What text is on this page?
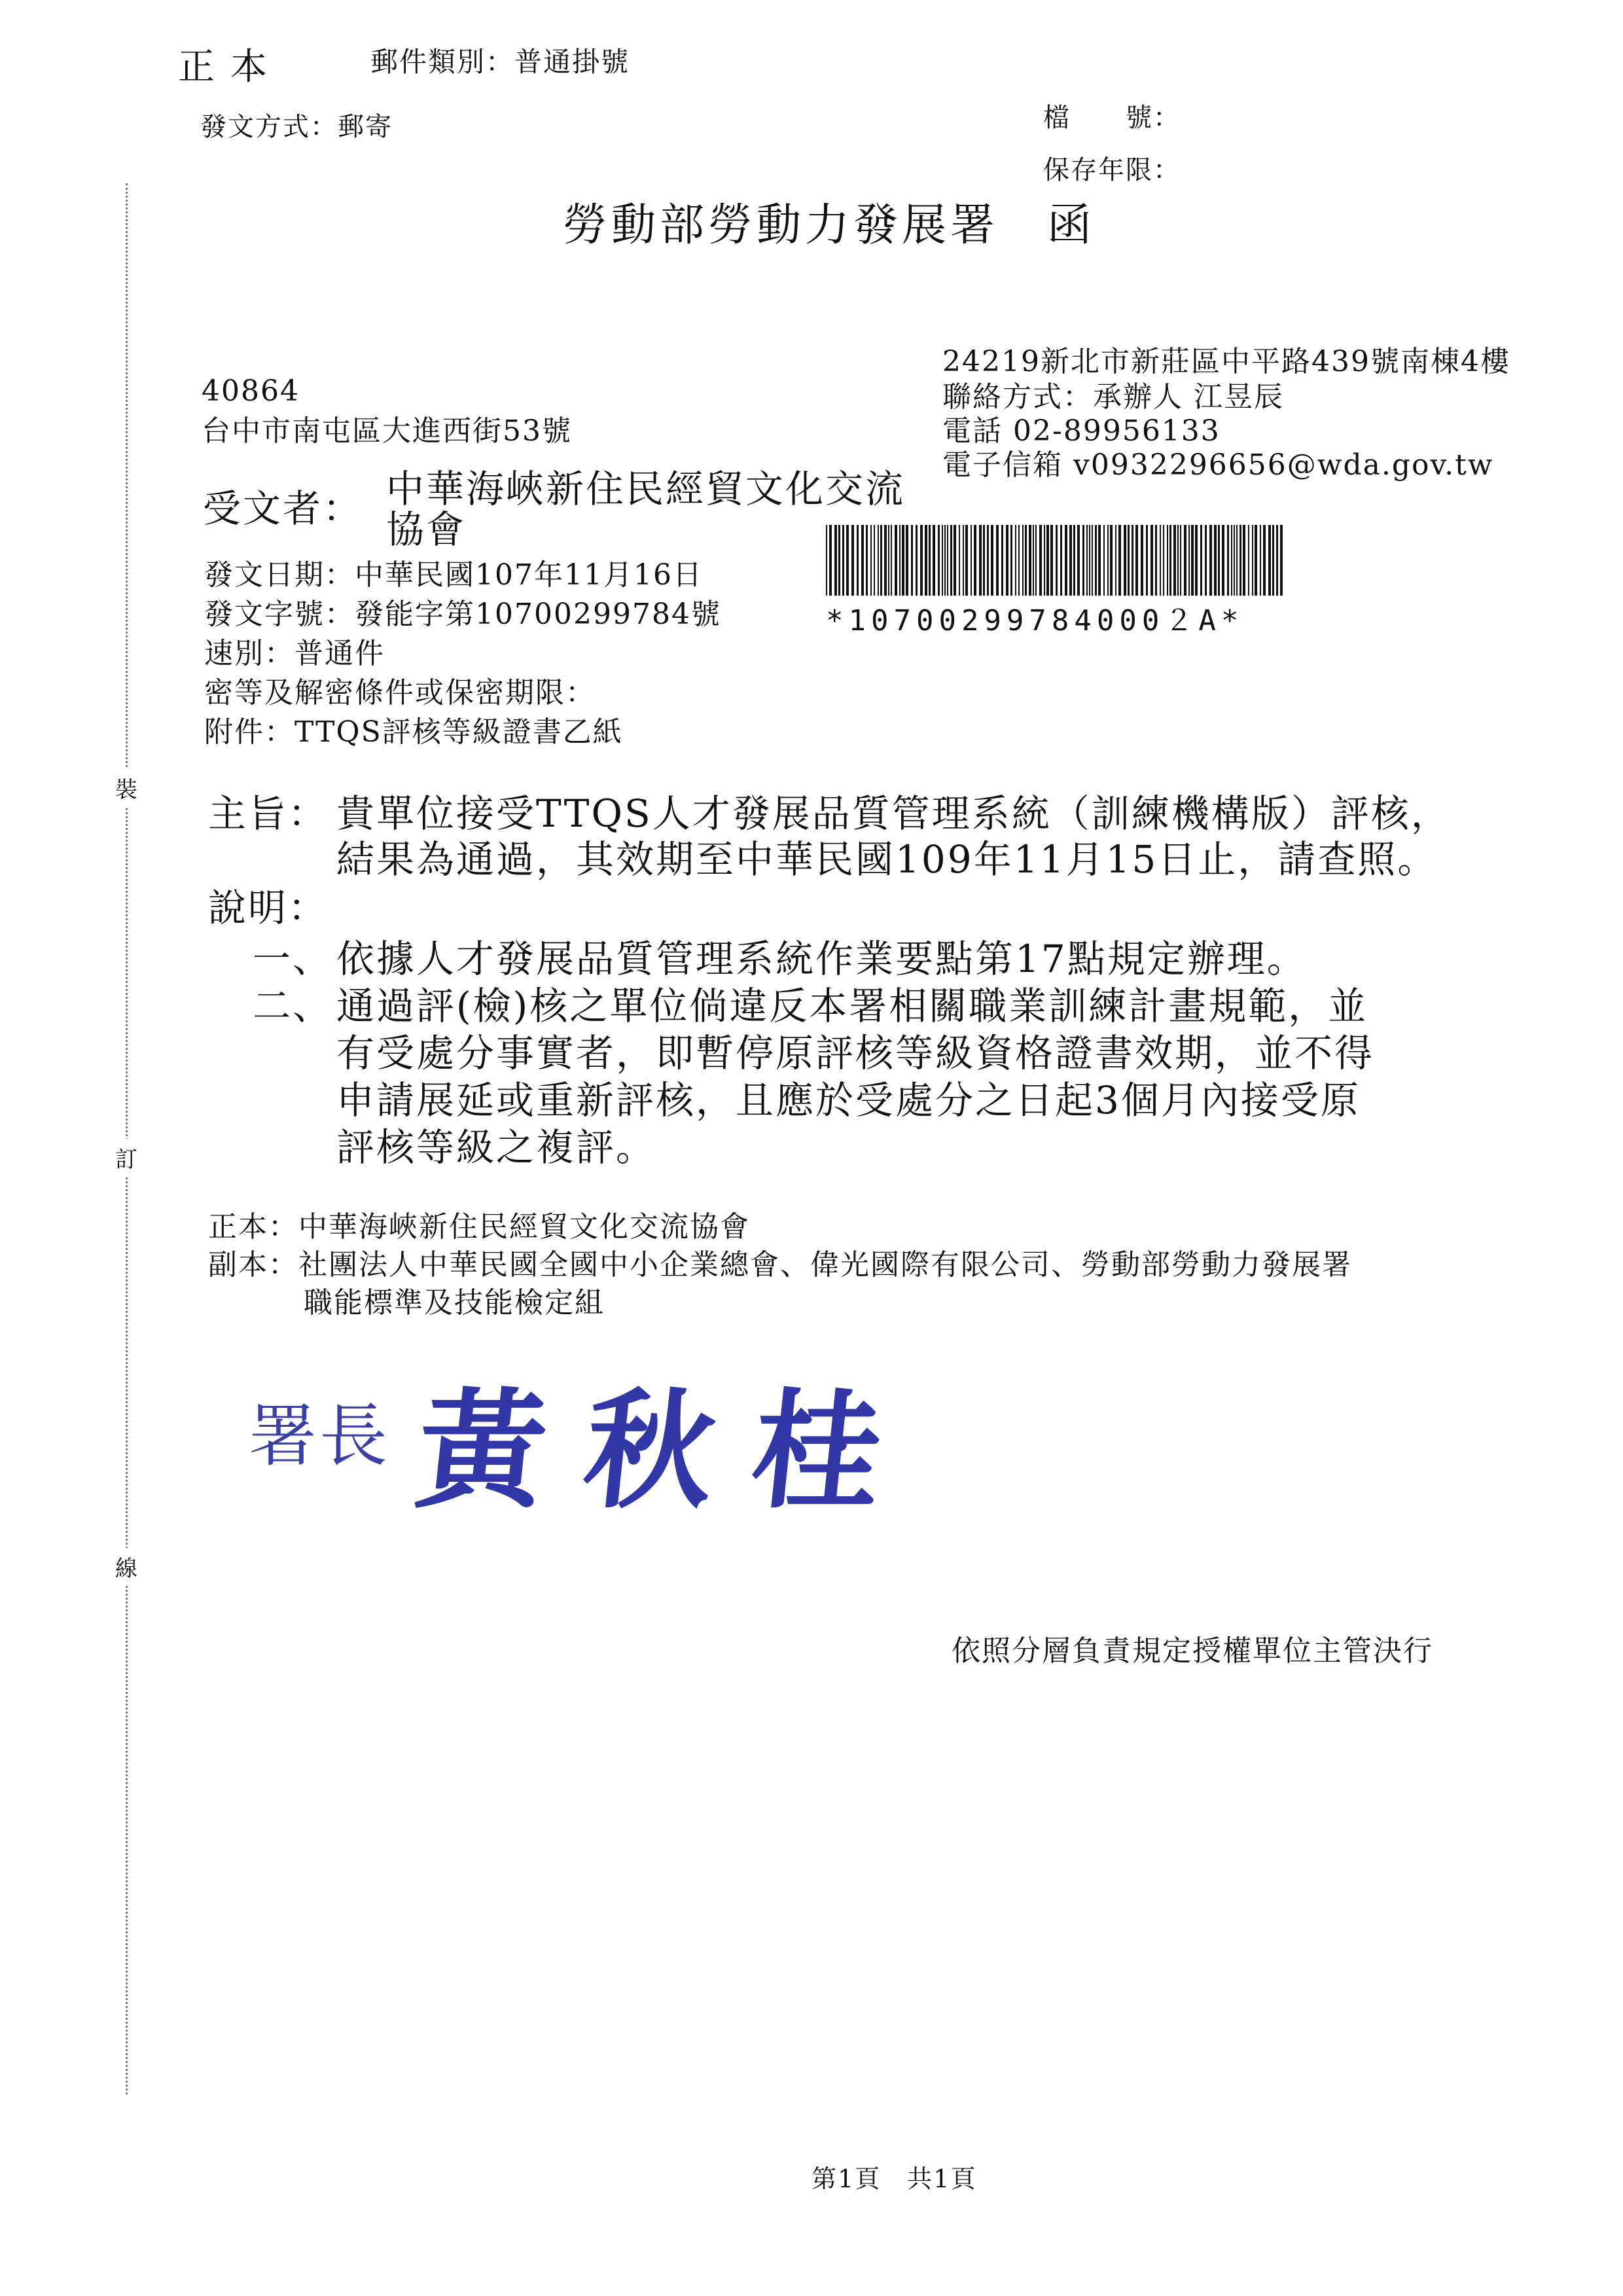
裝
訂
線
正本	郵件類別：普通掛號
發文方式：郵寄	檔　　號：
保存年限：
勞動部勞動力發展署　函
24219新北市新莊區中平路439號南棟4樓
聯絡方式：承辦人 江昱辰
電話 02-89956133
電子信箱 v0932296656@wda.gov.tw
40864
台中市南屯區大進西街53號
受文者： 中華海峽新住民經貿文化交流
協會
發文日期：中華民國107年11月16日
發文字號：發能字第10700299784號
速別：普通件
密等及解密條件或保密期限：
附件：TTQS評核等級證書乙紙
*10700299784000２A*
主旨： 貴單位接受TTQS人才發展品質管理系統（訓練機構版）評核，
結果為通過，其效期至中華民國109年11月15日止，請查照。
說明：
一、 依據人才發展品質管理系統作業要點第17點規定辦理。
二、 通過評(檢)核之單位倘違反本署相關職業訓練計畫規範，並
有受處分事實者，即暫停原評核等級資格證書效期，並不得
申請展延或重新評核，且應於受處分之日起3個月內接受原
評核等級之複評。
正本：中華海峽新住民經貿文化交流協會
副本：社團法人中華民國全國中小企業總會、偉光國際有限公司、勞動部勞動力發展署
職能標準及技能檢定組
署長 黃秋桂
依照分層負責規定授權單位主管決行
第1頁　共1頁
